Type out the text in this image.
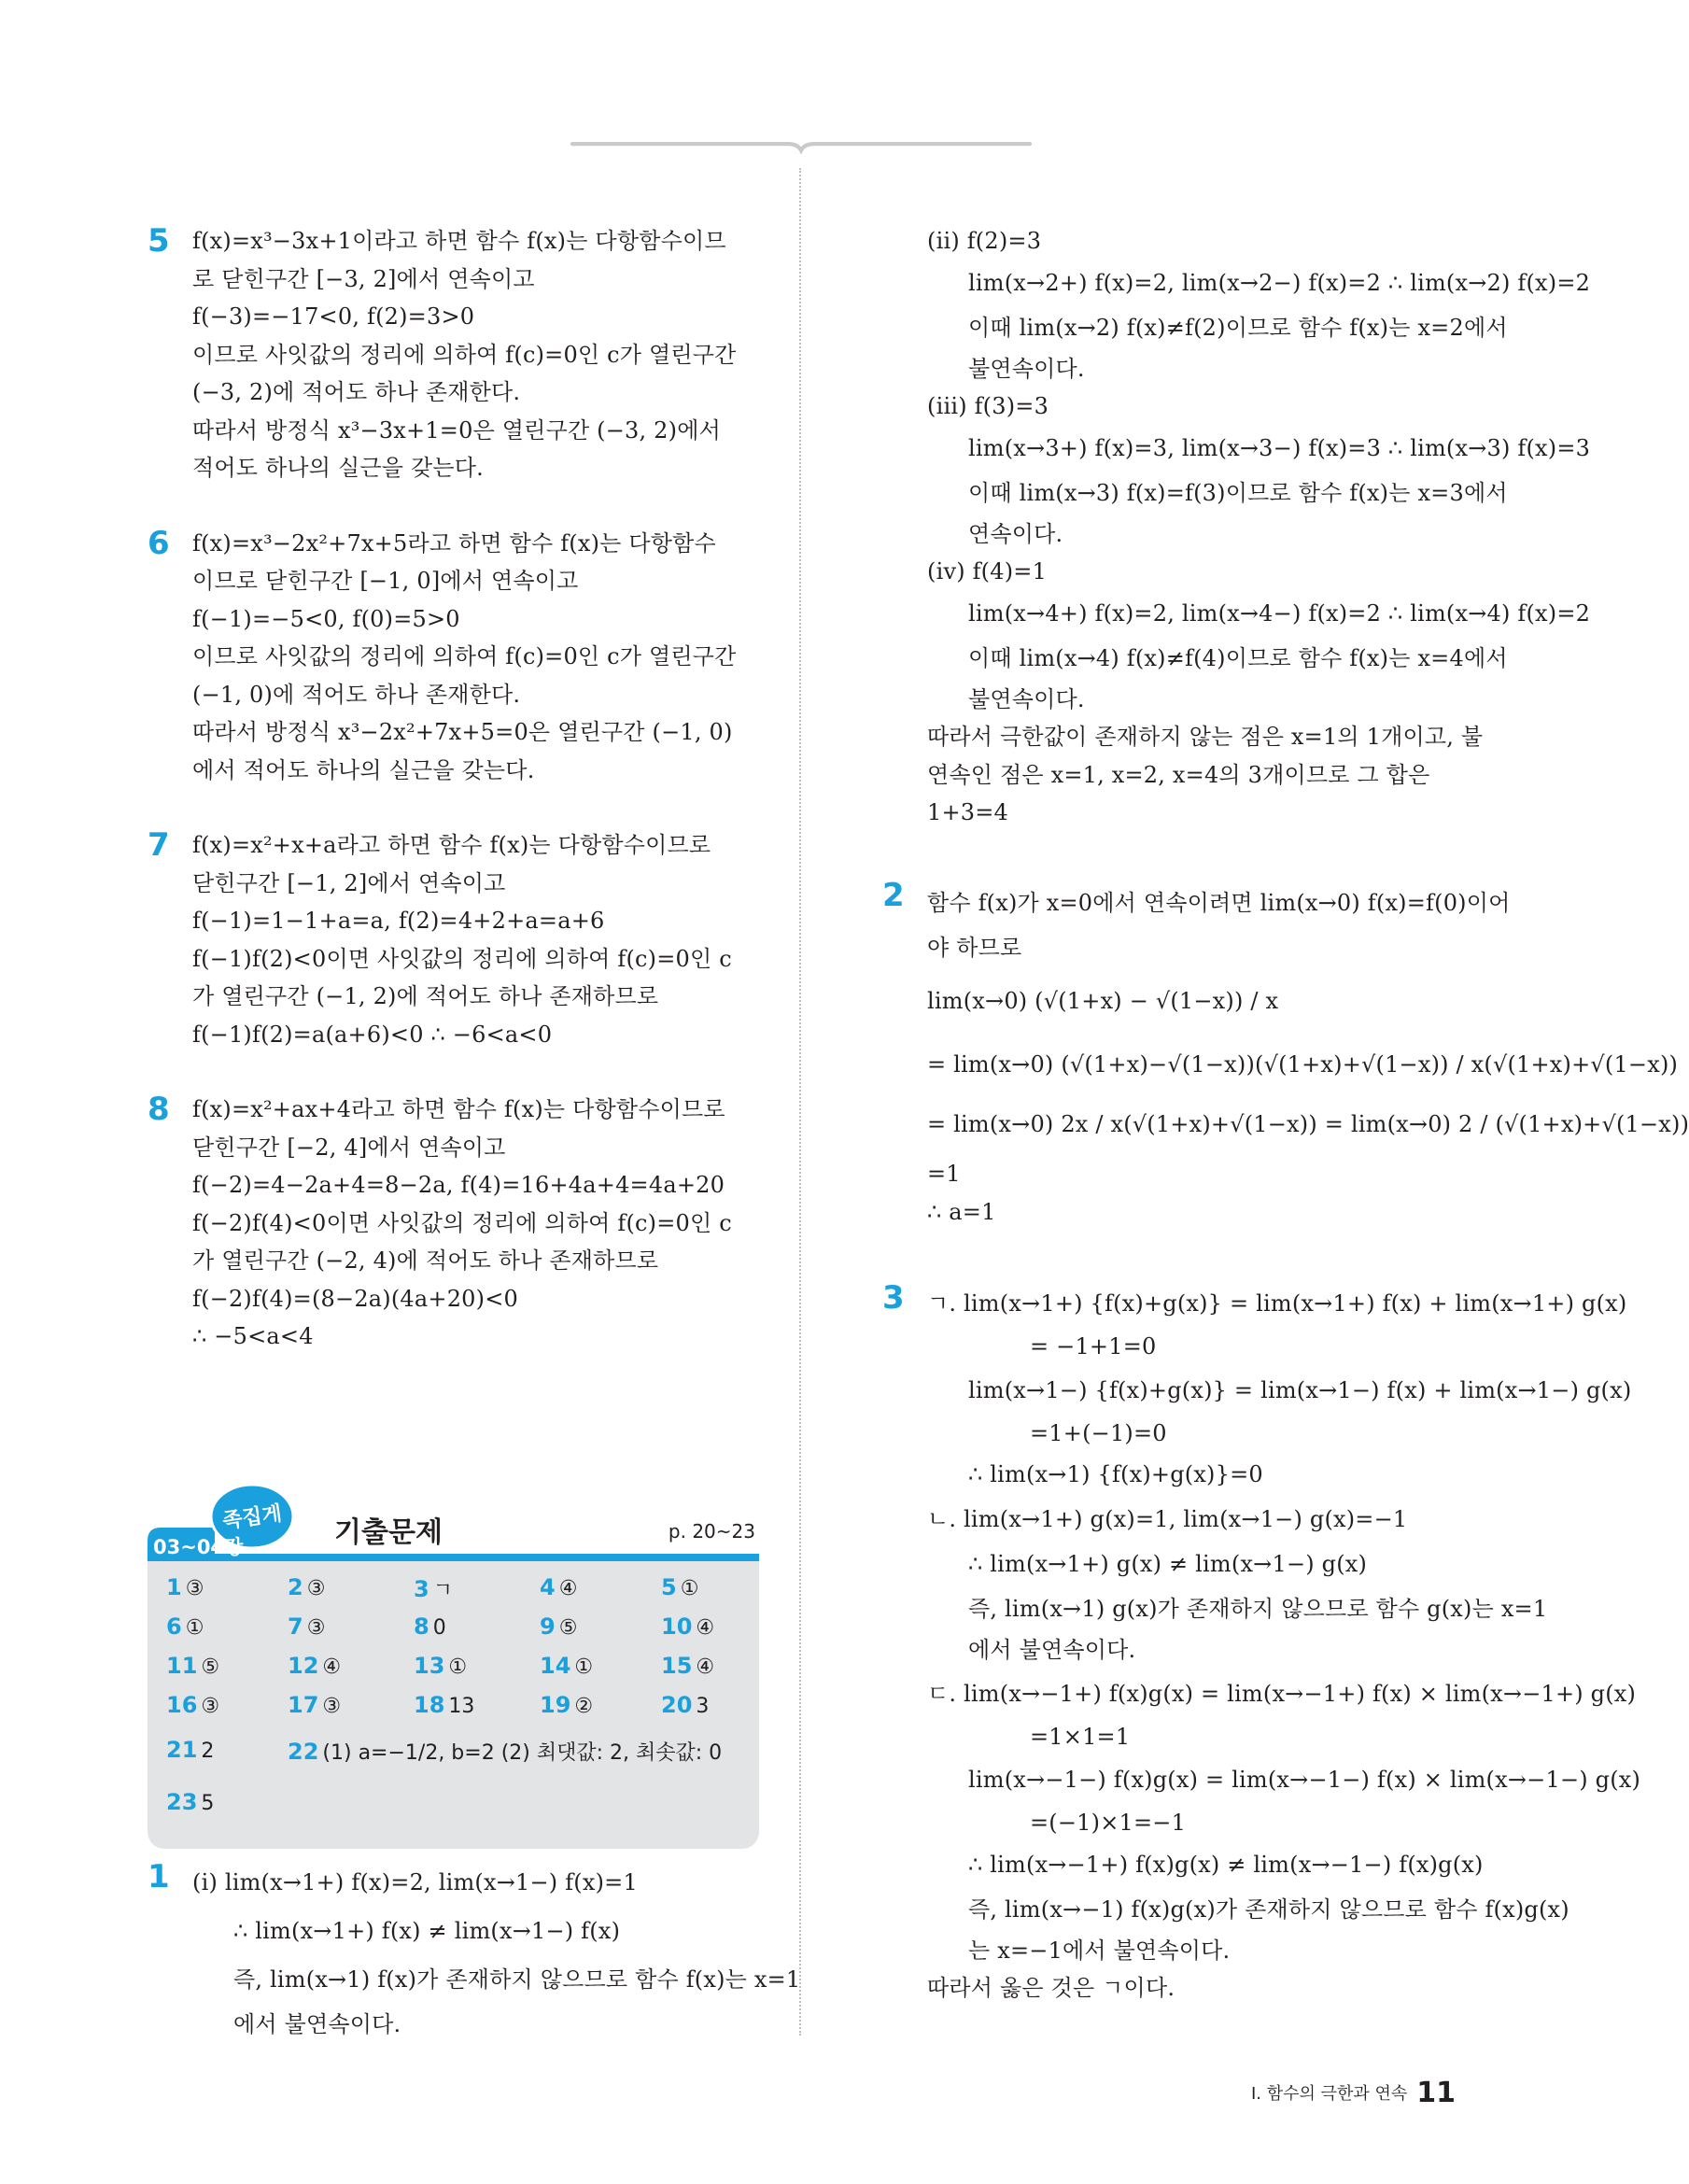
5 f(x)=x³−3x+1이라고 하면 함수 f(x)는 다항함수이므
로 닫힌구간 [−3, 2]에서 연속이고
f(−3)=−17<0, f(2)=3>0
이므로 사잇값의 정리에 의하여 f(c)=0인 c가 열린구간
(−3, 2)에 적어도 하나 존재한다.
따라서 방정식 x³−3x+1=0은 열린구간 (−3, 2)에서
적어도 하나의 실근을 갖는다.
6 f(x)=x³−2x²+7x+5라고 하면 함수 f(x)는 다항함수
이므로 닫힌구간 [−1, 0]에서 연속이고
f(−1)=−5<0, f(0)=5>0
이므로 사잇값의 정리에 의하여 f(c)=0인 c가 열린구간
(−1, 0)에 적어도 하나 존재한다.
따라서 방정식 x³−2x²+7x+5=0은 열린구간 (−1, 0)
에서 적어도 하나의 실근을 갖는다.
7 f(x)=x²+x+a라고 하면 함수 f(x)는 다항함수이므로
닫힌구간 [−1, 2]에서 연속이고
f(−1)=1−1+a=a, f(2)=4+2+a=a+6
f(−1)f(2)<0이면 사잇값의 정리에 의하여 f(c)=0인 c
가 열린구간 (−1, 2)에 적어도 하나 존재하므로
f(−1)f(2)=a(a+6)<0 ∴ −6<a<0
8 f(x)=x²+ax+4라고 하면 함수 f(x)는 다항함수이므로
닫힌구간 [−2, 4]에서 연속이고
f(−2)=4−2a+4=8−2a, f(4)=16+4a+4=4a+20
f(−2)f(4)<0이면 사잇값의 정리에 의하여 f(c)=0인 c
가 열린구간 (−2, 4)에 적어도 하나 존재하므로
f(−2)f(4)=(8−2a)(4a+20)<0
∴ −5<a<4
03~04강
족집게 기출문제	p. 20~23
1 ③	2 ③	3 ㄱ	4 ④	5 ①
6 ①	7 ③	8 0	9 ⑤	10 ④
11 ⑤	12 ④	13 ①	14 ①	15 ④
16 ③	17 ③	18 13	19 ②	20 3
21 2	22 (1) a=−1/2, b=2 (2) 최댓값: 2, 최솟값: 0
23 5
1 (i) lim(x→1+) f(x)=2, lim(x→1−) f(x)=1
∴ lim(x→1+) f(x) ≠ lim(x→1−) f(x)
즉, lim(x→1) f(x)가 존재하지 않으므로 함수 f(x)는 x=1
에서 불연속이다.
(ii) f(2)=3
lim(x→2+) f(x)=2, lim(x→2−) f(x)=2 ∴ lim(x→2) f(x)=2
이때 lim(x→2) f(x)≠f(2)이므로 함수 f(x)는 x=2에서
불연속이다.
(iii) f(3)=3
lim(x→3+) f(x)=3, lim(x→3−) f(x)=3 ∴ lim(x→3) f(x)=3
이때 lim(x→3) f(x)=f(3)이므로 함수 f(x)는 x=3에서
연속이다.
(iv) f(4)=1
lim(x→4+) f(x)=2, lim(x→4−) f(x)=2 ∴ lim(x→4) f(x)=2
이때 lim(x→4) f(x)≠f(4)이므로 함수 f(x)는 x=4에서
불연속이다.
따라서 극한값이 존재하지 않는 점은 x=1의 1개이고, 불
연속인 점은 x=1, x=2, x=4의 3개이므로 그 합은
1+3=4
2 함수 f(x)가 x=0에서 연속이려면 lim(x→0) f(x)=f(0)이어
야 하므로
lim(x→0) (√(1+x) − √(1−x)) / x
= lim(x→0) (√(1+x)−√(1−x))(√(1+x)+√(1−x)) / x(√(1+x)+√(1−x))
= lim(x→0) 2x / x(√(1+x)+√(1−x)) = lim(x→0) 2 / (√(1+x)+√(1−x))
=1
∴ a=1
3 ㄱ. lim(x→1+) {f(x)+g(x)} = lim(x→1+) f(x) + lim(x→1+) g(x)
= −1+1=0
lim(x→1−) {f(x)+g(x)} = lim(x→1−) f(x) + lim(x→1−) g(x)
=1+(−1)=0
∴ lim(x→1) {f(x)+g(x)}=0
ㄴ. lim(x→1+) g(x)=1, lim(x→1−) g(x)=−1
∴ lim(x→1+) g(x) ≠ lim(x→1−) g(x)
즉, lim(x→1) g(x)가 존재하지 않으므로 함수 g(x)는 x=1
에서 불연속이다.
ㄷ. lim(x→−1+) f(x)g(x) = lim(x→−1+) f(x) × lim(x→−1+) g(x)
=1×1=1
lim(x→−1−) f(x)g(x) = lim(x→−1−) f(x) × lim(x→−1−) g(x)
=(−1)×1=−1
∴ lim(x→−1+) f(x)g(x) ≠ lim(x→−1−) f(x)g(x)
즉, lim(x→−1) f(x)g(x)가 존재하지 않으므로 함수 f(x)g(x)
는 x=−1에서 불연속이다.
따라서 옳은 것은 ㄱ이다.
Ⅰ. 함수의 극한과 연속 11
